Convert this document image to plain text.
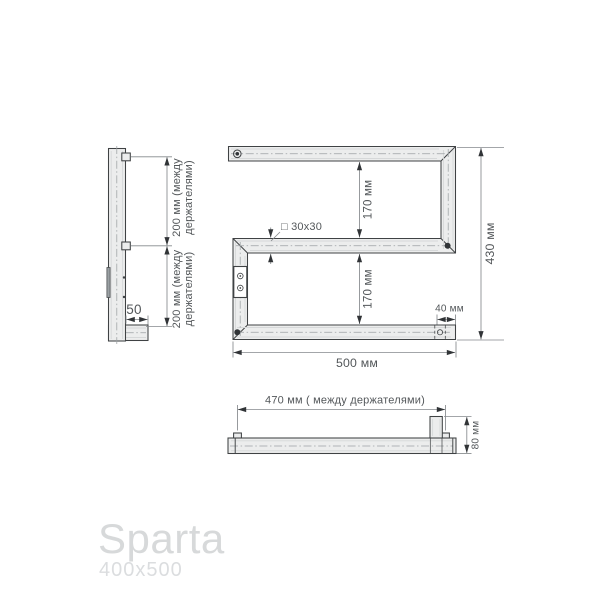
200 мм (между держателями)
200 мм (между держателями)
50
170 мм
170 мм
430 мм
40 мм
500 мм
□ 30x30
470 мм ( между держателями)
80 мм
Sparta
400x500
